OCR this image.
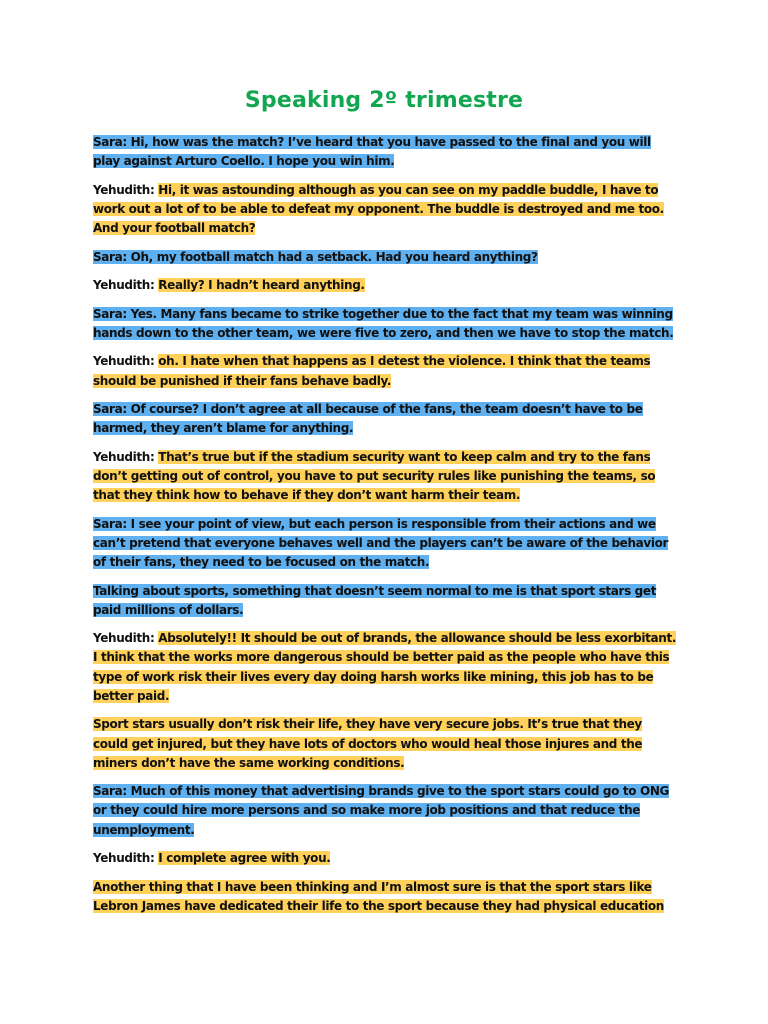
Speaking 2º trimestre

Sara: Hi, how was the match? I’ve heard that you have passed to the final and you will play against Arturo Coello. I hope you win him.

Yehudith: Hi, it was astounding although as you can see on my paddle buddle, I have to work out a lot of to be able to defeat my opponent. The buddle is destroyed and me too. And your football match?

Sara: Oh, my football match had a setback. Had you heard anything?

Yehudith: Really? I hadn’t heard anything.

Sara: Yes. Many fans became to strike together due to the fact that my team was winning hands down to the other team, we were five to zero, and then we have to stop the match.

Yehudith: oh. I hate when that happens as I detest the violence. I think that the teams should be punished if their fans behave badly.

Sara: Of course? I don’t agree at all because of the fans, the team doesn’t have to be harmed, they aren’t blame for anything.

Yehudith: That’s true but if the stadium security want to keep calm and try to the fans don’t getting out of control, you have to put security rules like punishing the teams, so that they think how to behave if they don’t want harm their team.

Sara: I see your point of view, but each person is responsible from their actions and we can’t pretend that everyone behaves well and the players can’t be aware of the behavior of their fans, they need to be focused on the match.

Talking about sports, something that doesn’t seem normal to me is that sport stars get paid millions of dollars.

Yehudith: Absolutely!! It should be out of brands, the allowance should be less exorbitant. I think that the works more dangerous should be better paid as the people who have this type of work risk their lives every day doing harsh works like mining, this job has to be better paid.

Sport stars usually don’t risk their life, they have very secure jobs. It’s true that they could get injured, but they have lots of doctors who would heal those injures and the miners don’t have the same working conditions.

Sara: Much of this money that advertising brands give to the sport stars could go to ONG or they could hire more persons and so make more job positions and that reduce the unemployment.

Yehudith: I complete agree with you.

Another thing that I have been thinking and I’m almost sure is that the sport stars like Lebron James have dedicated their life to the sport because they had physical education
